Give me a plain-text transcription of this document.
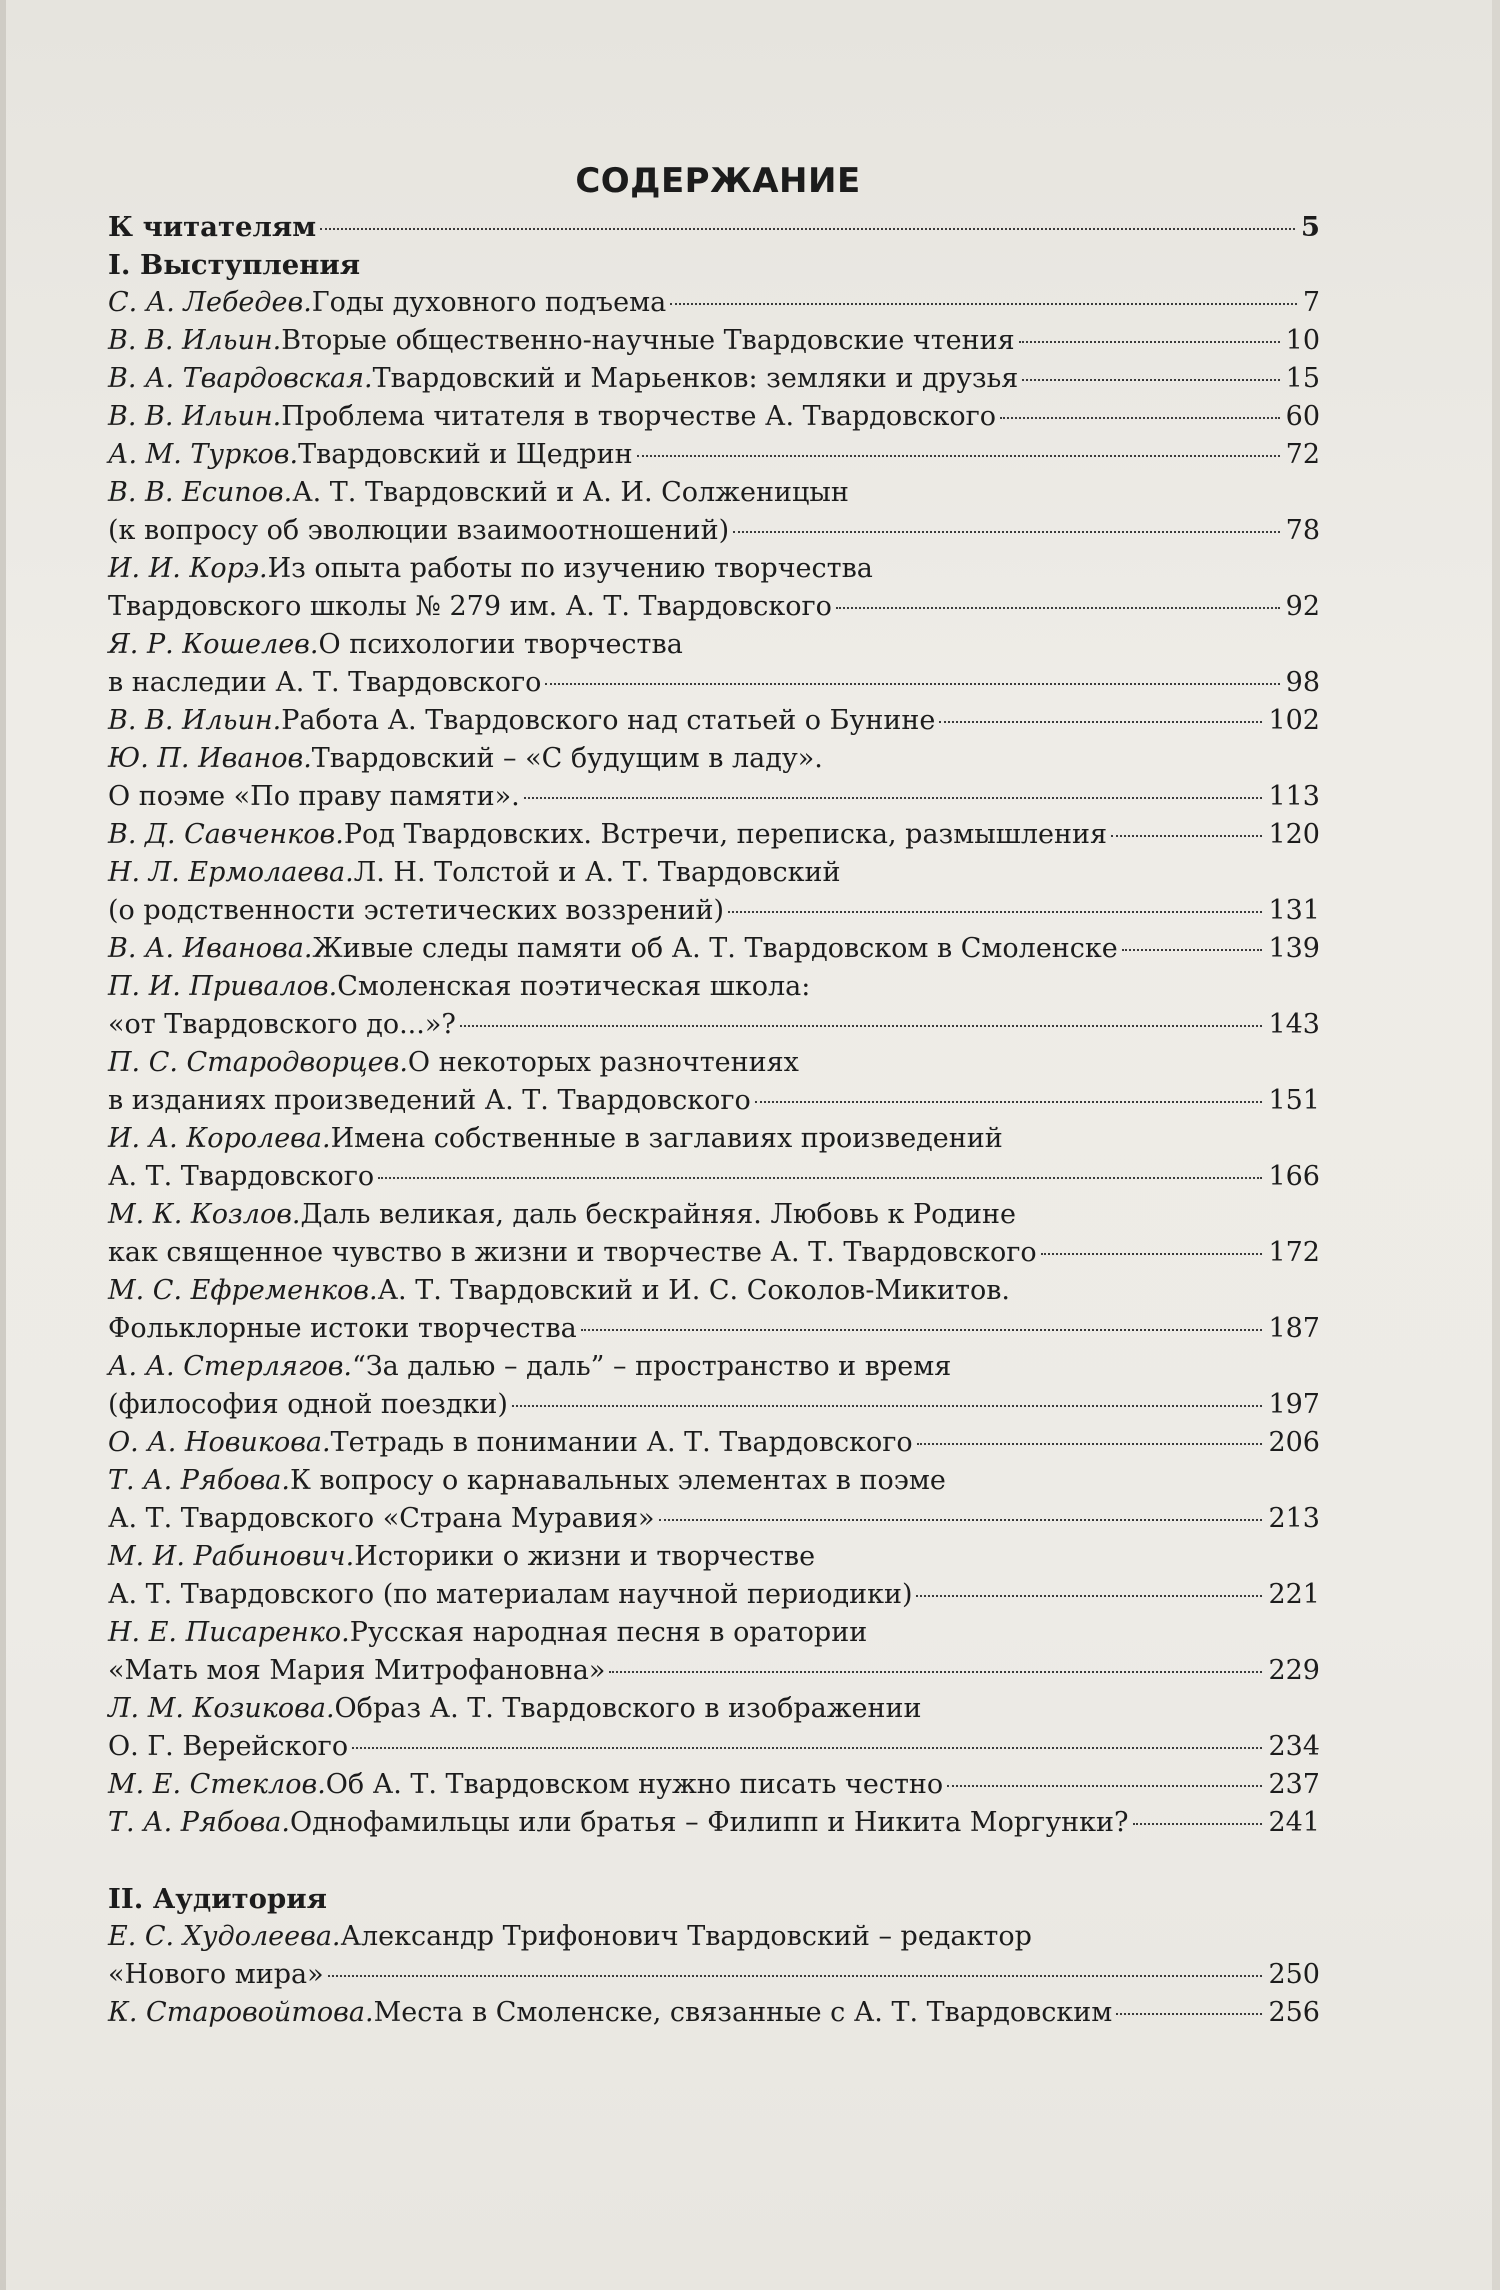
СОДЕРЖАНИЕ
К читателям	5
I. Выступления
С. А. Лебедев. Годы духовного подъема	7
В. В. Ильин. Вторые общественно-научные Твардовские чтения	10
В. А. Твардовская. Твардовский и Марьенков: земляки и друзья	15
В. В. Ильин. Проблема читателя в творчестве А. Твардовского	60
А. М. Турков. Твардовский и Щедрин	72
В. В. Есипов. А. Т. Твардовский и А. И. Солженицын
(к вопросу об эволюции взаимоотношений)	78
И. И. Корэ. Из опыта работы по изучению творчества
Твардовского школы № 279 им. А. Т. Твардовского	92
Я. Р. Кошелев. О психологии творчества
в наследии А. Т. Твардовского	98
В. В. Ильин. Работа А. Твардовского над статьей о Бунине	102
Ю. П. Иванов. Твардовский – «С будущим в ладу».
О поэме «По праву памяти».	113
В. Д. Савченков. Род Твардовских. Встречи, переписка, размышления	120
Н. Л. Ермолаева. Л. Н. Толстой и А. Т. Твардовский
(о родственности эстетических воззрений)	131
В. А. Иванова. Живые следы памяти об А. Т. Твардовском в Смоленске	139
П. И. Привалов. Смоленская поэтическая школа:
«от Твардовского до...»?	143
П. С. Стародворцев. О некоторых разночтениях
в изданиях произведений А. Т. Твардовского	151
И. А. Королева. Имена собственные в заглавиях произведений
А. Т. Твардовского	166
М. К. Козлов. Даль великая, даль бескрайняя. Любовь к Родине
как священное чувство в жизни и творчестве А. Т. Твардовского	172
М. С. Ефременков. А. Т. Твардовский и И. С. Соколов-Микитов.
Фольклорные истоки творчества	187
А. А. Стерлягов. “За далью – даль” – пространство и время
(философия одной поездки)	197
О. А. Новикова. Тетрадь в понимании А. Т. Твардовского	206
Т. А. Рябова. К вопросу о карнавальных элементах в поэме
А. Т. Твардовского «Страна Муравия»	213
М. И. Рабинович. Историки о жизни и творчестве
А. Т. Твардовского (по материалам научной периодики)	221
Н. Е. Писаренко. Русская народная песня в оратории
«Мать моя Мария Митрофановна»	229
Л. М. Козикова. Образ А. Т. Твардовского в изображении
О. Г. Верейского	234
М. Е. Стеклов. Об А. Т. Твардовском нужно писать честно	237
Т. А. Рябова. Однофамильцы или братья – Филипп и Никита Моргунки?	241
II. Аудитория
Е. С. Худолеева. Александр Трифонович Твардовский – редактор
«Нового мира»	250
К. Старовойтова. Места в Смоленске, связанные с А. Т. Твардовским	256
